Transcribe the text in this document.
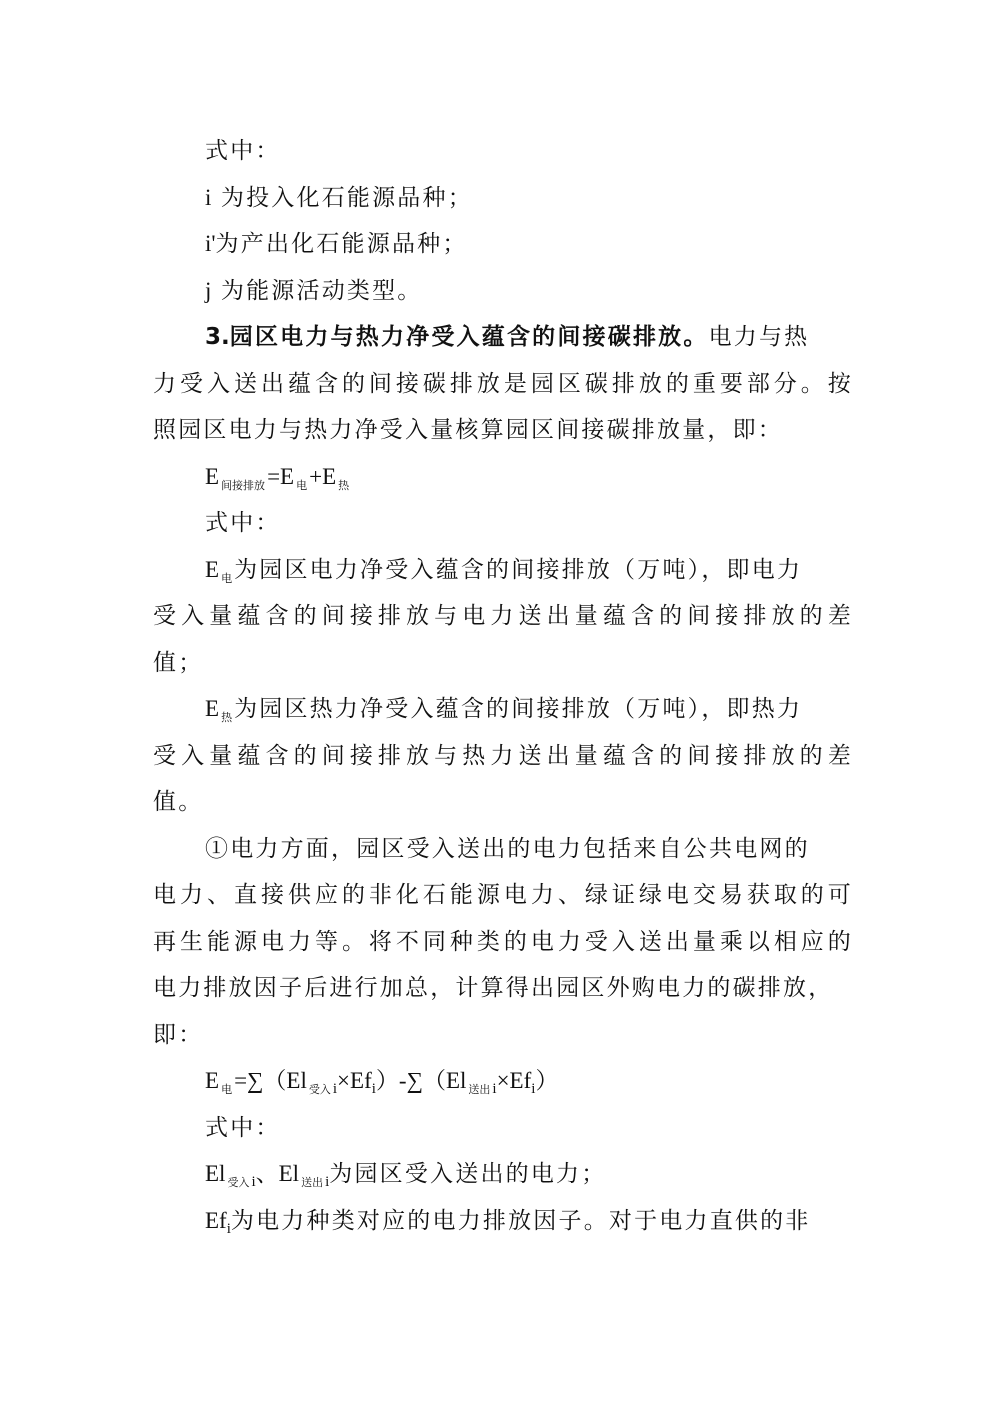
式中：
i 为投入化石能源品种；
i'为产出化石能源品种；
j 为能源活动类型。
3.园区电力与热力净受入蕴含的间接碳排放。电力与热
力受入送出蕴含的间接碳排放是园区碳排放的重要部分。按
照园区电力与热力净受入量核算园区间接碳排放量，即：
E $_{间接排放}$=E $_电$+E $_热$
式中：
E $_电$为园区电力净受入蕴含的间接排放（万吨），即电力
受入量蕴含的间接排放与电力送出量蕴含的间接排放的差
值；
E $_热$为园区热力净受入蕴含的间接排放（万吨），即热力
受入量蕴含的间接排放与热力送出量蕴含的间接排放的差
值。
①电力方面，园区受入送出的电力包括来自公共电网的
电力、直接供应的非化石能源电力、绿证绿电交易获取的可
再生能源电力等。将不同种类的电力受入送出量乘以相应的
电力排放因子后进行加总，计算得出园区外购电力的碳排放，
即：
E $_电$=∑（El $_{受入}$ $_i\times Ef_i)-\sum(El$ $_{送出}$ $_i\times Ef_i$）
式中：
El $_{受入}$ $_i$、El $_{送出}$ $_i$为园区受入送出的电力；
$Ef_i$为电力种类对应的电力排放因子。对于电力直供的非
